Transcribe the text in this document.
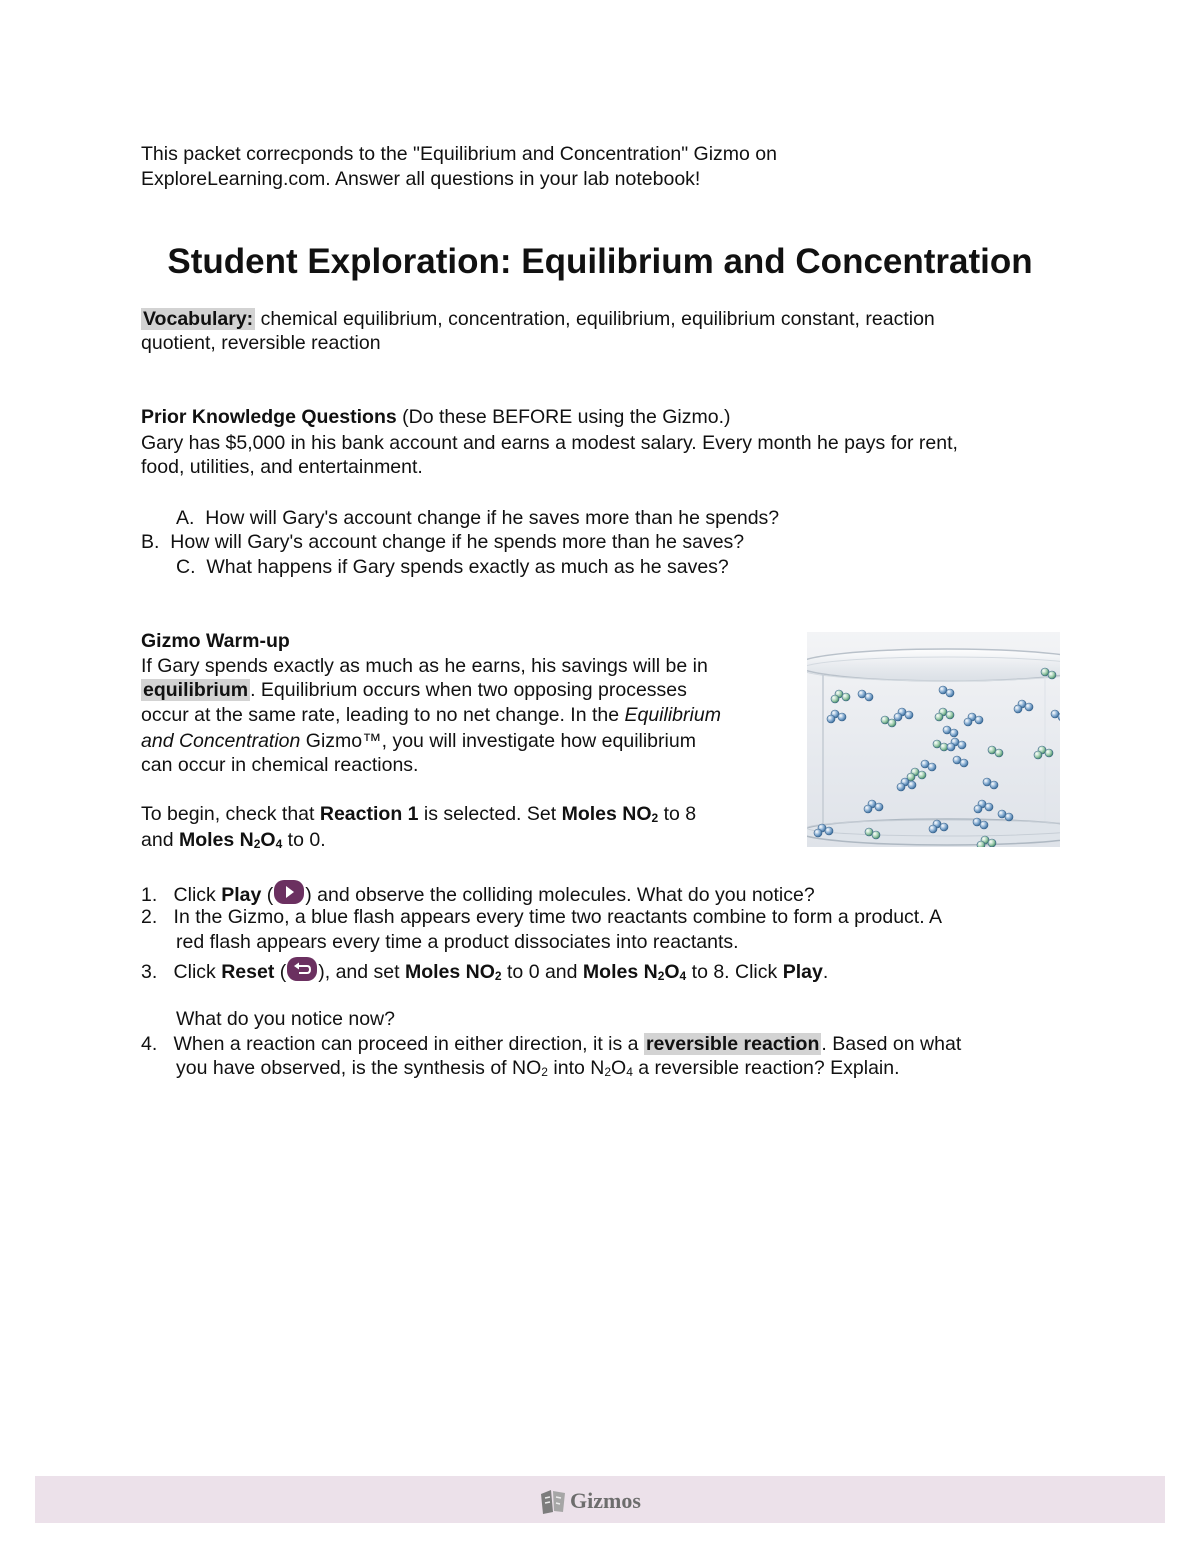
This packet correcponds to the "Equilibrium and Concentration" Gizmo on
ExploreLearning.com. Answer all questions in your lab notebook!
Student Exploration: Equilibrium and Concentration
Vocabulary: chemical equilibrium, concentration, equilibrium, equilibrium constant, reaction
quotient, reversible reaction
Prior Knowledge Questions (Do these BEFORE using the Gizmo.)
Gary has $5,000 in his bank account and earns a modest salary. Every month he pays for rent,
food, utilities, and entertainment.
A. How will Gary's account change if he saves more than he spends?
B. How will Gary's account change if he spends more than he saves?
C. What happens if Gary spends exactly as much as he saves?
Gizmo Warm-up
If Gary spends exactly as much as he earns, his savings will be in
equilibrium . Equilibrium occurs when two opposing processes
occur at the same rate, leading to no net change. In the Equilibrium
and Concentration Gizmo™, you will investigate how equilibrium
can occur in chemical reactions.
To begin, check that Reaction 1 is selected. Set Moles $NO_2$ to 8
and Moles $N_2O_4$ to 0.
1. Click Play ( ) and observe the colliding molecules. What do you notice?
2. In the Gizmo, a blue flash appears every time two reactants combine to form a product. A
red flash appears every time a product dissociates into reactants.
3. Click Reset ( ), and set Moles $NO_2$ to 0 and Moles $N_2O_4$ to 8. Click Play.
What do you notice now?
4. When a reaction can proceed in either direction, it is a reversible reaction . Based on what
you have observed, is the synthesis of $NO_2$ into $N_2O_4$ a reversible reaction? Explain.
Gizmos
